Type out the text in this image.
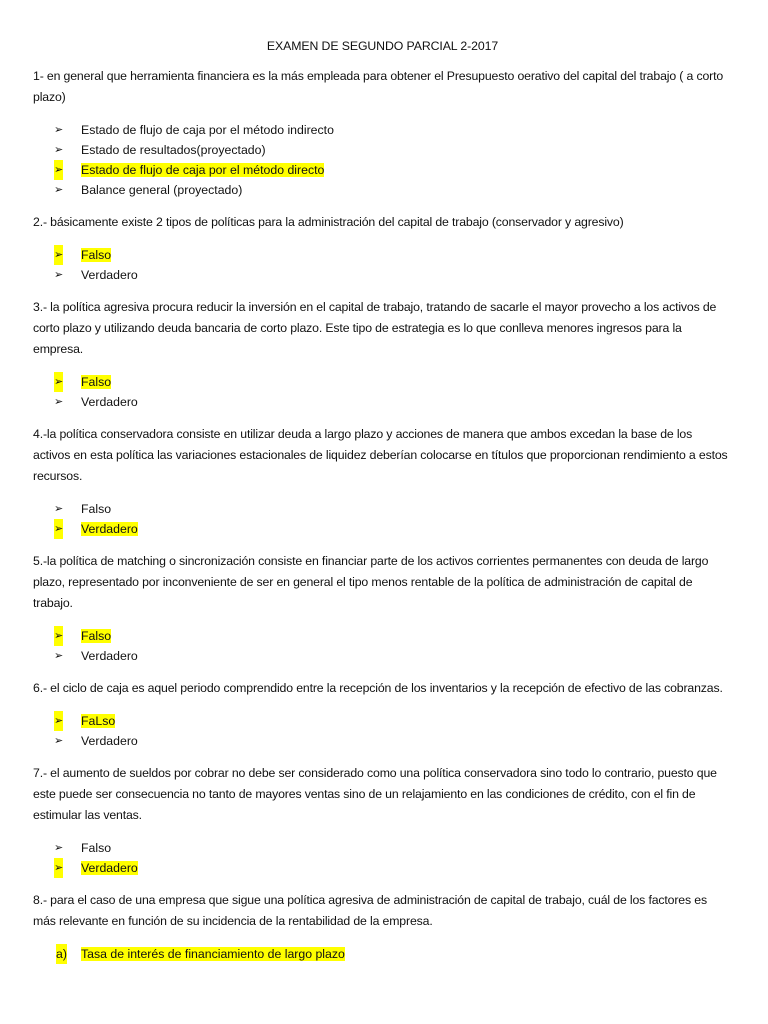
EXAMEN DE SEGUNDO PARCIAL 2-2017
1- en general que herramienta financiera es la más empleada para obtener el Presupuesto oerativo del capital del trabajo ( a corto plazo)
➢ Estado de flujo de caja por el método indirecto
➢ Estado de resultados(proyectado)
➢ Estado de flujo de caja por el método directo
➢ Balance general (proyectado)
2.- básicamente existe 2 tipos de políticas para la administración del capital de trabajo (conservador y agresivo)
➢ Falso
➢ Verdadero
3.- la política agresiva procura reducir la inversión en el capital de trabajo, tratando de sacarle el mayor provecho a los activos de corto plazo y utilizando deuda bancaria de corto plazo. Este tipo de estrategia es lo que conlleva menores ingresos para la empresa.
➢ Falso
➢ Verdadero
4.-la política conservadora consiste en utilizar deuda a largo plazo y acciones de manera que ambos excedan la base de los activos en esta política las variaciones estacionales de liquidez deberían colocarse en títulos que proporcionan rendimiento a estos recursos.
➢ Falso
➢ Verdadero
5.-la política de matching o sincronización consiste en financiar parte de los activos corrientes permanentes con deuda de largo plazo, representado por inconveniente de ser en general el tipo menos rentable de la política de administración de capital de trabajo.
➢ Falso
➢ Verdadero
6.- el ciclo de caja es aquel periodo comprendido entre la recepción de los inventarios y la recepción de efectivo de las cobranzas.
➢ FaLso
➢ Verdadero
7.- el aumento de sueldos por cobrar no debe ser considerado como una política conservadora sino todo lo contrario, puesto que este puede ser consecuencia no tanto de mayores ventas sino de un relajamiento en las condiciones de crédito, con el fin de estimular las ventas.
➢ Falso
➢ Verdadero
8.- para el caso de una empresa que sigue una política agresiva de administración de capital de trabajo, cuál de los factores es más relevante en función de su incidencia de la rentabilidad de la empresa.
a) Tasa de interés de financiamiento de largo plazo
